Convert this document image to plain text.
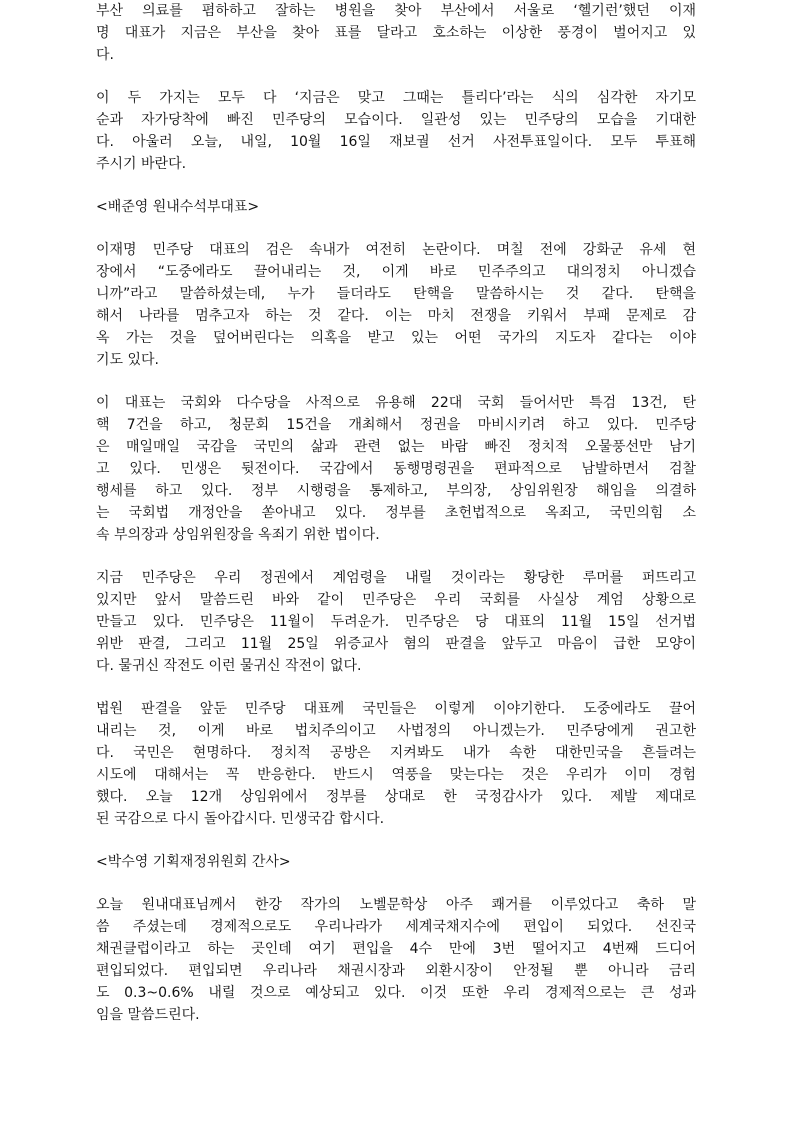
부산 의료를 폄하하고 잘하는 병원을 찾아 부산에서 서울로 ‘헬기런’했던 이재
명 대표가 지금은 부산을 찾아 표를 달라고 호소하는 이상한 풍경이 벌어지고 있
다.
이 두 가지는 모두 다 ‘지금은 맞고 그때는 틀리다’라는 식의 심각한 자기모
순과 자가당착에 빠진 민주당의 모습이다. 일관성 있는 민주당의 모습을 기대한
다. 아울러 오늘, 내일, 10월 16일 재보궐 선거 사전투표일이다. 모두 투표해
주시기 바란다.
<배준영 원내수석부대표>
이재명 민주당 대표의 검은 속내가 여전히 논란이다. 며칠 전에 강화군 유세 현
장에서 “도중에라도 끌어내리는 것, 이게 바로 민주주의고 대의정치 아니겠습
니까”라고 말씀하셨는데, 누가 들더라도 탄핵을 말씀하시는 것 같다. 탄핵을
해서 나라를 멈추고자 하는 것 같다. 이는 마치 전쟁을 키워서 부패 문제로 감
옥 가는 것을 덮어버린다는 의혹을 받고 있는 어떤 국가의 지도자 같다는 이야
기도 있다.
이 대표는 국회와 다수당을 사적으로 유용해 22대 국회 들어서만 특검 13건, 탄
핵 7건을 하고, 청문회 15건을 개최해서 정권을 마비시키려 하고 있다. 민주당
은 매일매일 국감을 국민의 삶과 관련 없는 바람 빠진 정치적 오물풍선만 남기
고 있다. 민생은 뒷전이다. 국감에서 동행명령권을 편파적으로 남발하면서 검찰
행세를 하고 있다. 정부 시행령을 통제하고, 부의장, 상임위원장 해임을 의결하
는 국회법 개정안을 쏟아내고 있다. 정부를 초헌법적으로 옥죄고, 국민의힘 소
속 부의장과 상임위원장을 옥죄기 위한 법이다.
지금 민주당은 우리 정권에서 계엄령을 내릴 것이라는 황당한 루머를 퍼뜨리고
있지만 앞서 말씀드린 바와 같이 민주당은 우리 국회를 사실상 계엄 상황으로
만들고 있다. 민주당은 11월이 두려운가. 민주당은 당 대표의 11월 15일 선거법
위반 판결, 그리고 11월 25일 위증교사 혐의 판결을 앞두고 마음이 급한 모양이
다. 물귀신 작전도 이런 물귀신 작전이 없다.
법원 판결을 앞둔 민주당 대표께 국민들은 이렇게 이야기한다. 도중에라도 끌어
내리는 것, 이게 바로 법치주의이고 사법정의 아니겠는가. 민주당에게 권고한
다. 국민은 현명하다. 정치적 공방은 지켜봐도 내가 속한 대한민국을 흔들려는
시도에 대해서는 꼭 반응한다. 반드시 역풍을 맞는다는 것은 우리가 이미 경험
했다. 오늘 12개 상임위에서 정부를 상대로 한 국정감사가 있다. 제발 제대로
된 국감으로 다시 돌아갑시다. 민생국감 합시다.
<박수영 기획재정위원회 간사>
오늘 원내대표님께서 한강 작가의 노벨문학상 아주 쾌거를 이루었다고 축하 말
씀 주셨는데 경제적으로도 우리나라가 세계국채지수에 편입이 되었다. 선진국
채권클럽이라고 하는 곳인데 여기 편입을 4수 만에 3번 떨어지고 4번째 드디어
편입되었다. 편입되면 우리나라 채권시장과 외환시장이 안정될 뿐 아니라 금리
도 0.3~0.6% 내릴 것으로 예상되고 있다. 이것 또한 우리 경제적으로는 큰 성과
임을 말씀드린다.
